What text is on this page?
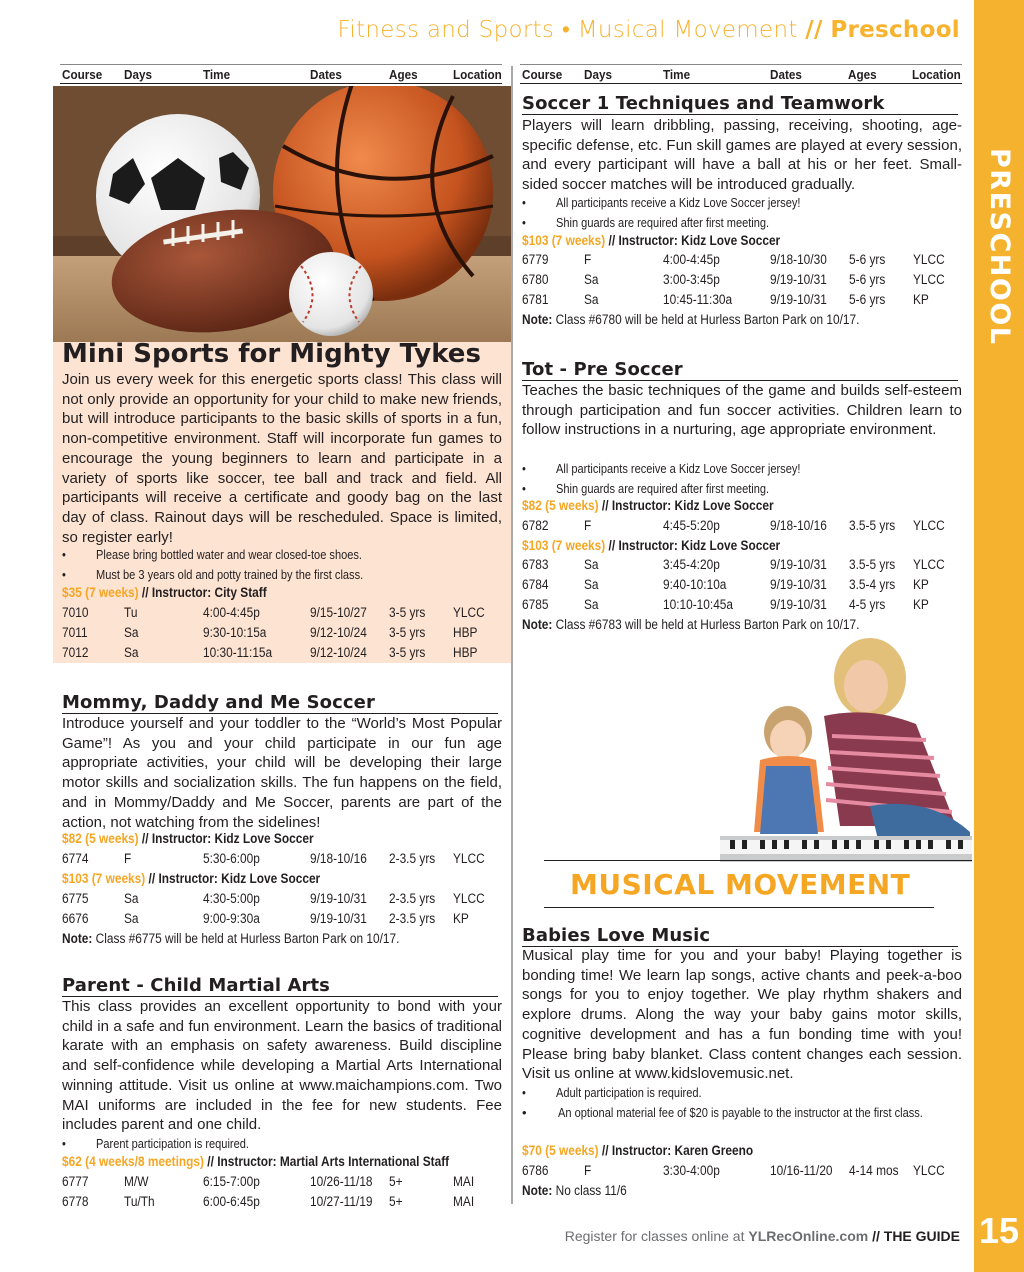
Fitness and Sports • Musical Movement // Preschool
PRESCHOOL
15
Course Days	Time	Dates	Ages	Location Course Days	Time	Dates	Ages	Location
Mini Sports for Mighty Tykes
Join us every week for this energetic sports class! This class will not only provide an opportunity for your child to make new friends, but will introduce participants to the basic skills of sports in a fun, non-competitive environment. Staff will incorporate fun games to encourage the young beginners to learn and participate in a variety of sports like soccer, tee ball and track and field. All participants will receive a certificate and goody bag on the last day of class. Rainout days will be rescheduled. Space is limited, so register early!
• Please bring bottled water and wear closed-toe shoes.
• Must be 3 years old and potty trained by the first class.
$35 (7 weeks) // Instructor: City Staff
7010	Tu	4:00-4:45p	9/15-10/27 3-5 yrs YLCC
7011	Sa	9:30-10:15a	9/12-10/24 3-5 yrs HBP
7012	Sa	10:30-11:15a	9/12-10/24 3-5 yrs HBP
Mommy, Daddy and Me Soccer
Introduce yourself and your toddler to the “World’s Most Popular Game”! As you and your child participate in our fun age appropriate activities, your child will be developing their large motor skills and socialization skills. The fun happens on the field, and in Mommy/Daddy and Me Soccer, parents are part of the action, not watching from the sidelines!
$82 (5 weeks) // Instructor: Kidz Love Soccer
6774	F	5:30-6:00p	9/18-10/16 2-3.5 yrs YLCC
$103 (7 weeks) // Instructor: Kidz Love Soccer
6775	Sa	4:30-5:00p	9/19-10/31 2-3.5 yrs YLCC
6676	Sa	9:00-9:30a	9/19-10/31 2-3.5 yrs KP
Note: Class #6775 will be held at Hurless Barton Park on 10/17.
Parent - Child Martial Arts
This class provides an excellent opportunity to bond with your child in a safe and fun environment. Learn the basics of traditional karate with an emphasis on safety awareness. Build discipline and self-confidence while developing a Martial Arts International winning attitude. Visit us online at www.maichampions.com. Two MAI uniforms are included in the fee for new students. Fee includes parent and one child.
• Parent participation is required.
$62 (4 weeks/8 meetings) // Instructor: Martial Arts International Staff
6777	M/W	6:15-7:00p	10/26-11/18 5+	MAI
6778	Tu/Th	6:00-6:45p	10/27-11/19 5+	MAI
Soccer 1 Techniques and Teamwork
Players will learn dribbling, passing, receiving, shooting, age-specific defense, etc. Fun skill games are played at every session, and every participant will have a ball at his or her feet. Small-sided soccer matches will be introduced gradually.
• All participants receive a Kidz Love Soccer jersey!
• Shin guards are required after first meeting.
$103 (7 weeks) // Instructor: Kidz Love Soccer
6779	F	4:00-4:45p	9/18-10/30 5-6 yrs YLCC
6780	Sa	3:00-3:45p	9/19-10/31 5-6 yrs YLCC
6781	Sa	10:45-11:30a	9/19-10/31 5-6 yrs KP
Note: Class #6780 will be held at Hurless Barton Park on 10/17.
Tot - Pre Soccer
Teaches the basic techniques of the game and builds self-esteem through participation and fun soccer activities. Children learn to follow instructions in a nurturing, age appropriate environment.
• All participants receive a Kidz Love Soccer jersey!
• Shin guards are required after first meeting.
$82 (5 weeks) // Instructor: Kidz Love Soccer
6782	F	4:45-5:20p	9/18-10/16 3.5-5 yrs YLCC
$103 (7 weeks) // Instructor: Kidz Love Soccer
6783	Sa	3:45-4:20p	9/19-10/31 3.5-5 yrs YLCC
6784	Sa	9:40-10:10a	9/19-10/31 3.5-4 yrs KP
6785	Sa	10:10-10:45a	9/19-10/31 4-5 yrs KP
Note: Class #6783 will be held at Hurless Barton Park on 10/17.
MUSICAL MOVEMENT
Babies Love Music
Musical play time for you and your baby! Playing together is bonding time! We learn lap songs, active chants and peek-a-boo songs for you to enjoy together. We play rhythm shakers and explore drums. Along the way your baby gains motor skills, cognitive development and has a fun bonding time with you! Please bring baby blanket. Class content changes each session. Visit us online at www.kidslovemusic.net.
• Adult participation is required.
• An optional material fee of $20 is payable to the instructor at the first class.
$70 (5 weeks) // Instructor: Karen Greeno
6786	F	3:30-4:00p	10/16-11/20 4-14 mos YLCC
Note: No class 11/6
Register for classes online at YLRecOnline.com // THE GUIDE
